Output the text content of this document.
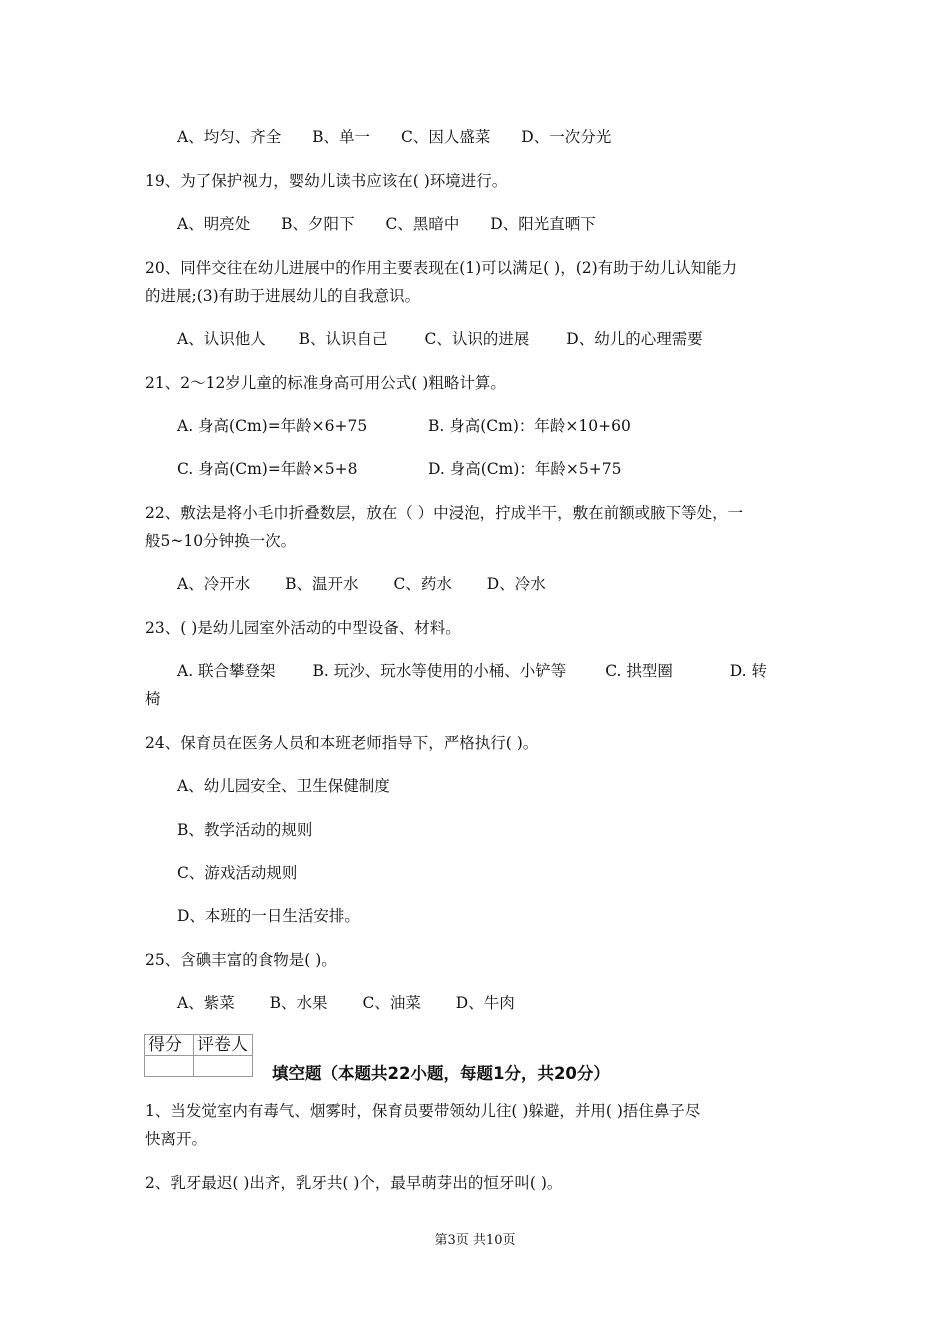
A、均匀、齐全 B、单一 C、因人盛菜 D、一次分光
19、为了保护视力，婴幼儿读书应该在( )环境进行。
A、明亮处 B、夕阳下 C、黑暗中 D、阳光直晒下
20、同伴交往在幼儿进展中的作用主要表现在(1)可以满足( )，(2)有助于幼儿认知能力
的进展;(3)有助于进展幼儿的自我意识。
A、认识他人 B、认识自己 C、认识的进展 D、幼儿的心理需要
21、2～12岁儿童的标准身高可用公式( )粗略计算。
A. 身高(Cm)=年龄×6+75	B. 身高(Cm)：年龄×10+60
C. 身高(Cm)=年龄×5+8	D. 身高(Cm)：年龄×5+75
22、敷法是将小毛巾折叠数层，放在（ ）中浸泡，拧成半干，敷在前额或腋下等处，一
般5~10分钟换一次。
A、冷开水 B、温开水 C、药水 D、冷水
23、( )是幼儿园室外活动的中型设备、材料。
A. 联合攀登架 B. 玩沙、玩水等使用的小桶、小铲等	C. 拱型圈	D. 转
椅
24、保育员在医务人员和本班老师指导下，严格执行( )。
A、幼儿园安全、卫生保健制度
B、教学活动的规则
C、游戏活动规则
D、本班的一日生活安排。
25、含碘丰富的食物是( )。
A、紫菜 B、水果 C、油菜 D、牛肉
得分	评卷人

填空题（本题共22小题，每题1分，共20分）
1、当发觉室内有毒气、烟雾时，保育员要带领幼儿往( )躲避，并用( )捂住鼻子尽
快离开。
2、乳牙最迟( )出齐，乳牙共( )个，最早萌芽出的恒牙叫( )。
第3页 共10页
